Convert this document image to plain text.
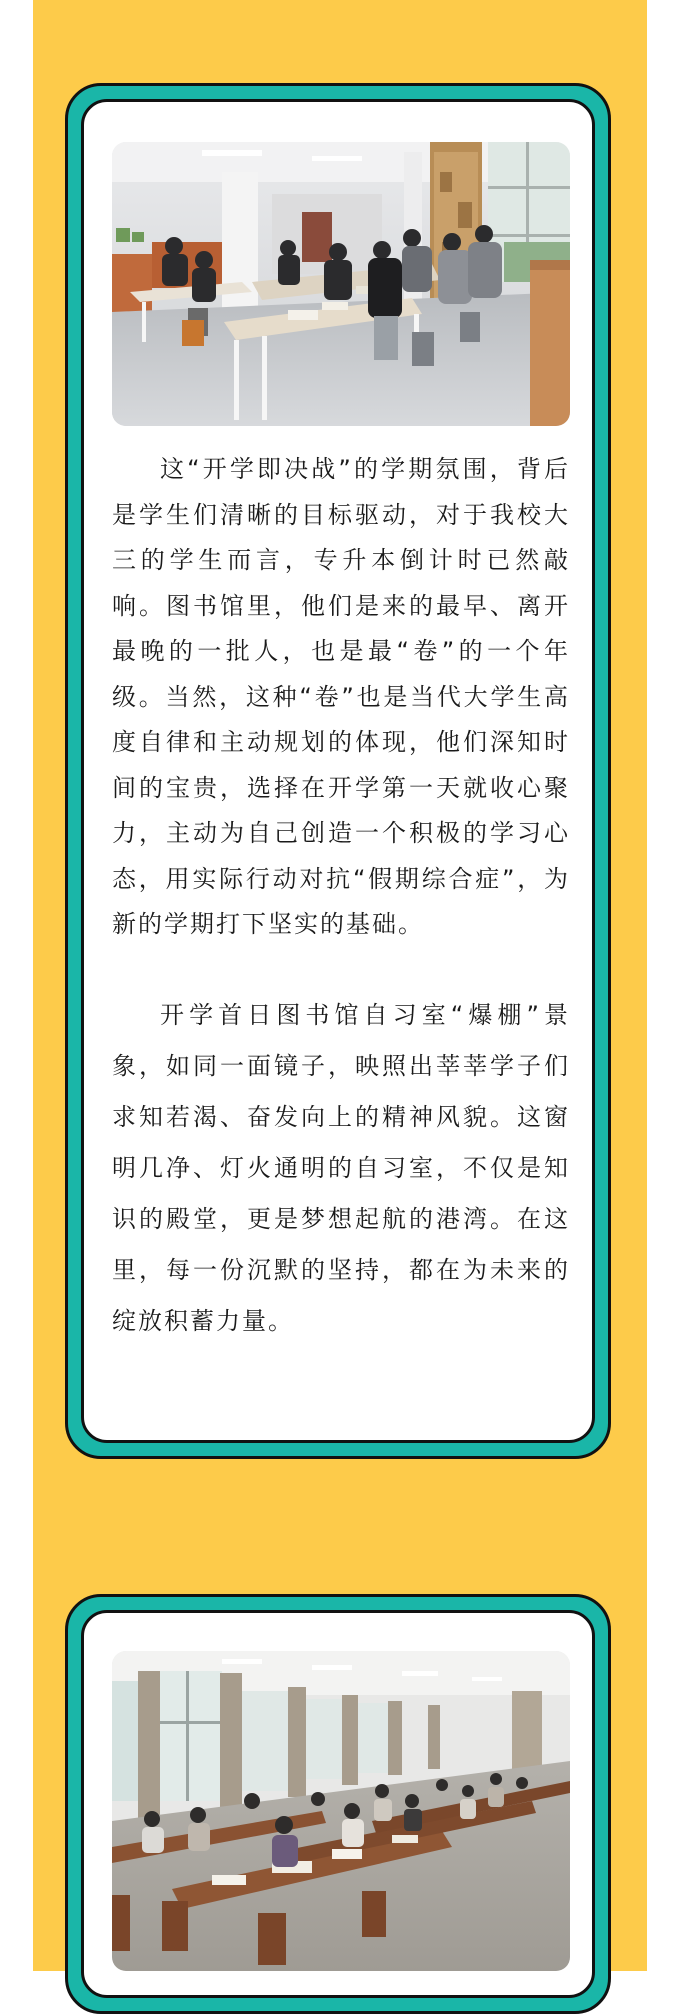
这“开学即决战”的学期氛围，背后是学生们清晰的目标驱动，对于我校大三的学生而言，专升本倒计时已然敲响。图书馆里，他们是来的最早、离开最晚的一批人，也是最“卷”的一个年级。当然，这种“卷”也是当代大学生高度自律和主动规划的体现，他们深知时间的宝贵，选择在开学第一天就收心聚力，主动为自己创造一个积极的学习心态，用实际行动对抗“假期综合症”，为新的学期打下坚实的基础。

开学首日图书馆自习室“爆棚”景象，如同一面镜子，映照出莘莘学子们求知若渴、奋发向上的精神风貌。这窗明几净、灯火通明的自习室，不仅是知识的殿堂，更是梦想起航的港湾。在这里，每一份沉默的坚持，都在为未来的绽放积蓄力量。
